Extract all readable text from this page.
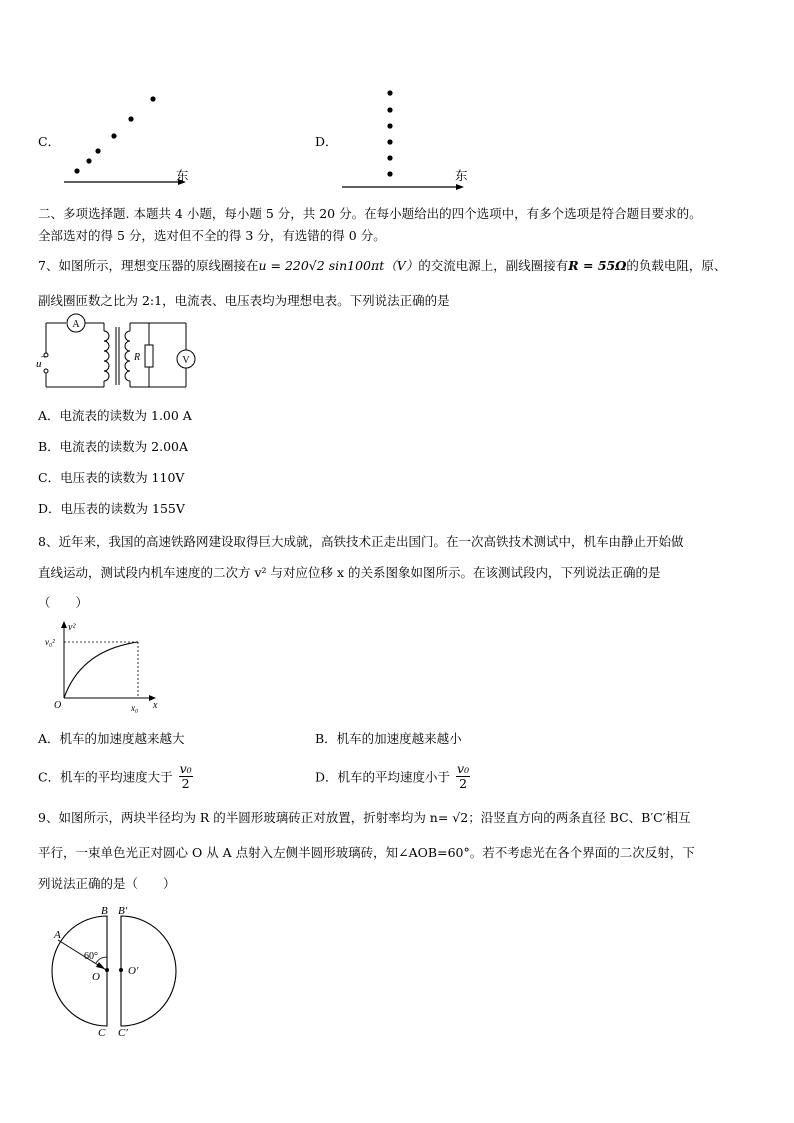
C．
东
D．
东
二、多项选择题. 本题共 4 小题，每小题 5 分，共 20 分。在每小题给出的四个选项中，有多个选项是符合题目要求的。
全部选对的得 5 分，选对但不全的得 3 分，有选错的得 0 分。
7、如图所示，理想变压器的原线圈接在u = 220√2 sin100πt（V）的交流电源上，副线圈接有R = 55Ω的负载电阻，原、
副线圈匝数之比为 2:1，电流表、电压表均为理想电表。下列说法正确的是
A
u
~	R	V
A．电流表的读数为 1.00 A
B．电流表的读数为 2.00A
C．电压表的读数为 110V
D．电压表的读数为 155V
8、近年来，我国的高速铁路网建设取得巨大成就，高铁技术正走出国门。在一次高铁技术测试中，机车由静止开始做
直线运动，测试段内机车速度的二次方 v² 与对应位移 x 的关系图象如图所示。在该测试段内，下列说法正确的是
（　　）
v²
x
O
v₀²
x₀
A．机车的加速度越来越大	B．机车的加速度越来越小
C．机车的平均速度大于 $\frac{\text{v₀}}{2}$	D．机车的平均速度小于 $\frac{\text{v₀}}{2}$
9、如图所示，两块半径均为 R 的半圆形玻璃砖正对放置，折射率均为 n= √2；沿竖直方向的两条直径 BC、B′C′相互
平行，一束单色光正对圆心 O 从 A 点射入左侧半圆形玻璃砖，知∠AOB=60°。若不考虑光在各个界面的二次反射，下
列说法正确的是（　　）
A
B
C
O
B′
C′
O′
60°
